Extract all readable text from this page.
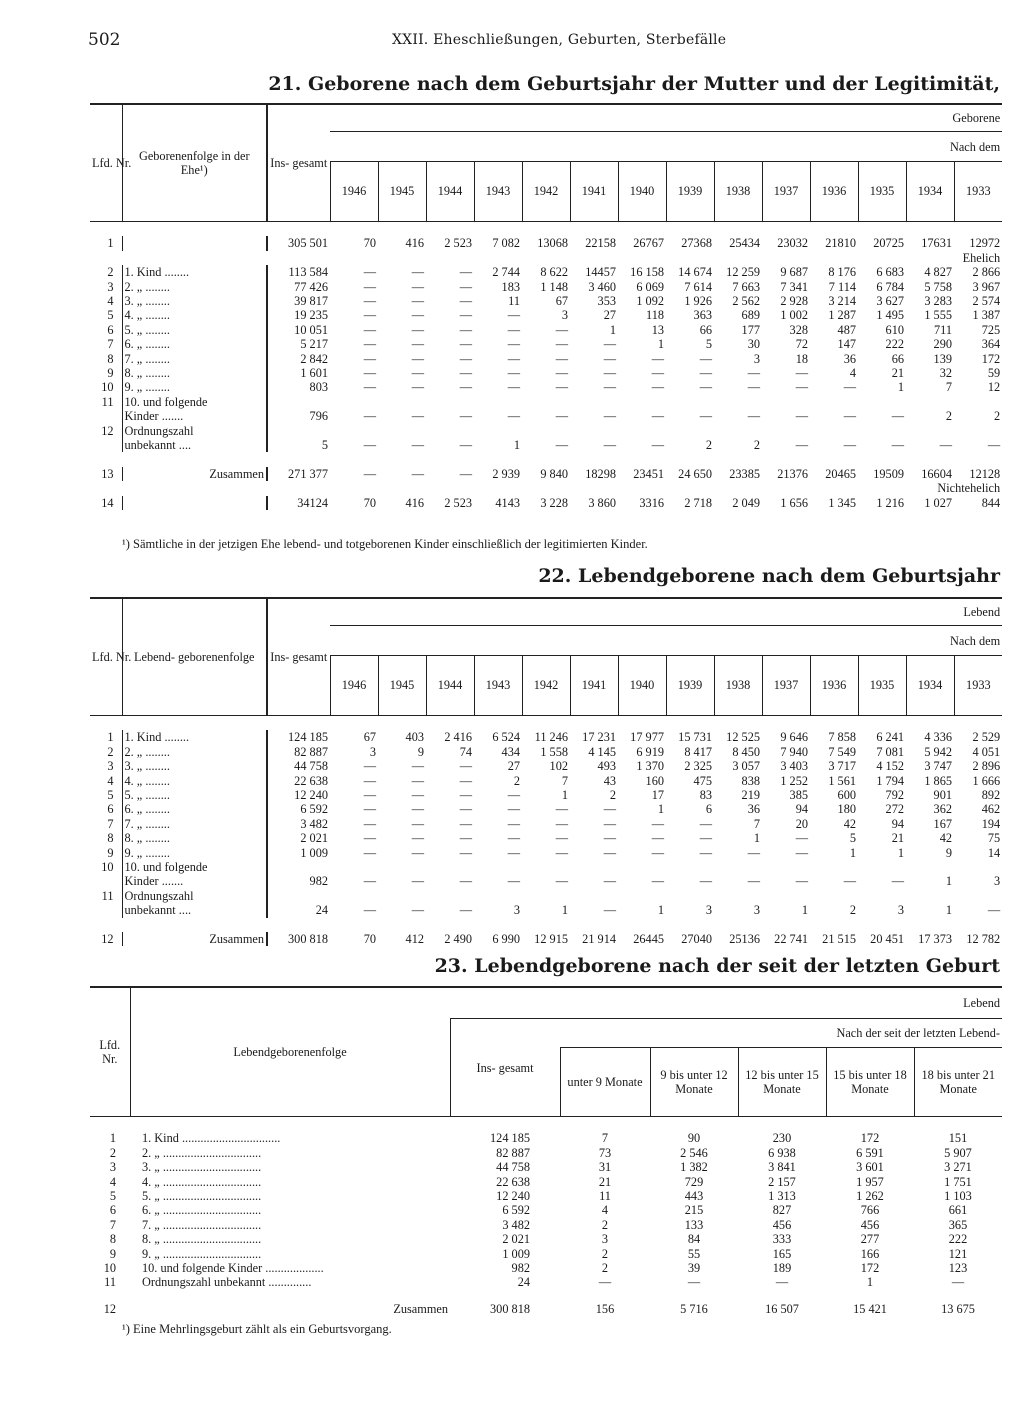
502	XXII. Eheschließungen, Geburten, Sterbefälle
21. Geborene nach dem Geburtsjahr der Mutter und der Legitimität,
Lfd. Nr.	Geborenenfolge in der Ehe¹)	Ins- gesamt	Geborene													
			Nach dem													
			1946	1945	1944	1943	1942	1941	1940	1939	1938	1937	1936	1935	1934	1933

1		305 501	70	416	2 523	7 082	13068	22158	26767	27368	25434	23032	21810	20725	17631	12972
Ehelich																
2	1. Kind ........	113 584	—	—	—	2 744	8 622	14457	16 158	14 674	12 259	9 687	8 176	6 683	4 827	2 866
3	2. „ ........	77 426	—	—	—	183	1 148	3 460	6 069	7 614	7 663	7 341	7 114	6 784	5 758	3 967
4	3. „ ........	39 817	—	—	—	11	67	353	1 092	1 926	2 562	2 928	3 214	3 627	3 283	2 574
5	4. „ ........	19 235	—	—	—	—	3	27	118	363	689	1 002	1 287	1 495	1 555	1 387
6	5. „ ........	10 051	—	—	—	—	—	1	13	66	177	328	487	610	711	725
7	6. „ ........	5 217	—	—	—	—	—	—	1	5	30	72	147	222	290	364
8	7. „ ........	2 842	—	—	—	—	—	—	—	—	3	18	36	66	139	172
9	8. „ ........	1 601	—	—	—	—	—	—	—	—	—	—	4	21	32	59
10	9. „ ........	803	—	—	—	—	—	—	—	—	—	—	—	1	7	12
11	10. und folgende															
	Kinder .......	796	—	—	—	—	—	—	—	—	—	—	—	—	2	2
12	Ordnungszahl															
	unbekannt ....	5	—	—	—	1	—	—	—	2	2	—	—	—	—	—

13	Zusammen	271 377	—	—	—	2 939	9 840	18298	23451	24 650	23385	21376	20465	19509	16604	12128
Nichtehelich																
14		34124	70	416	2 523	4143	3 228	3 860	3316	2 718	2 049	1 656	1 345	1 216	1 027	844
¹) Sämtliche in der jetzigen Ehe lebend- und totgeborenen Kinder einschließlich der legitimierten Kinder.
22. Lebendgeborene nach dem Geburtsjahr
Lfd. Nr.	Lebend- geborenenfolge	Ins- gesamt	Lebend													
			Nach dem													
			1946	1945	1944	1943	1942	1941	1940	1939	1938	1937	1936	1935	1934	1933

1	1. Kind ........	124 185	67	403	2 416	6 524	11 246	17 231	17 977	15 731	12 525	9 646	7 858	6 241	4 336	2 529
2	2. „ ........	82 887	3	9	74	434	1 558	4 145	6 919	8 417	8 450	7 940	7 549	7 081	5 942	4 051
3	3. „ ........	44 758	—	—	—	27	102	493	1 370	2 325	3 057	3 403	3 717	4 152	3 747	2 896
4	4. „ ........	22 638	—	—	—	2	7	43	160	475	838	1 252	1 561	1 794	1 865	1 666
5	5. „ ........	12 240	—	—	—	—	1	2	17	83	219	385	600	792	901	892
6	6. „ ........	6 592	—	—	—	—	—	—	1	6	36	94	180	272	362	462
7	7. „ ........	3 482	—	—	—	—	—	—	—	—	7	20	42	94	167	194
8	8. „ ........	2 021	—	—	—	—	—	—	—	—	1	—	5	21	42	75
9	9. „ ........	1 009	—	—	—	—	—	—	—	—	—	—	1	1	9	14
10	10. und folgende															
	Kinder .......	982	—	—	—	—	—	—	—	—	—	—	—	—	1	3
11	Ordnungszahl															
	unbekannt ....	24	—	—	—	3	1	—	1	3	3	1	2	3	1	—

12	Zusammen	300 818	70	412	2 490	6 990	12 915	21 914	26445	27040	25136	22 741	21 515	20 451	17 373	12 782
23. Lebendgeborene nach der seit der letzten Geburt
Lfd. Nr.	Lebendgeborenenfolge	Lebend					
		Ins- gesamt	Nach der seit der letzten Lebend-				
			unter 9 Monate	9 bis unter 12 Monate	12 bis unter 15 Monate	15 bis unter 18 Monate	18 bis unter 21 Monate

1	1. Kind ................................	124 185	7	90	230	172	151
2	2. „ ................................	82 887	73	2 546	6 938	6 591	5 907
3	3. „ ................................	44 758	31	1 382	3 841	3 601	3 271
4	4. „ ................................	22 638	21	729	2 157	1 957	1 751
5	5. „ ................................	12 240	11	443	1 313	1 262	1 103
6	6. „ ................................	6 592	4	215	827	766	661
7	7. „ ................................	3 482	2	133	456	456	365
8	8. „ ................................	2 021	3	84	333	277	222
9	9. „ ................................	1 009	2	55	165	166	121
10	10. und folgende Kinder ...................	982	2	39	189	172	123
11	Ordnungszahl unbekannt ..............	24	—	—	—	1	—

12	Zusammen	300 818	156	5 716	16 507	15 421	13 675
¹) Eine Mehrlingsgeburt zählt als ein Geburtsvorgang.
